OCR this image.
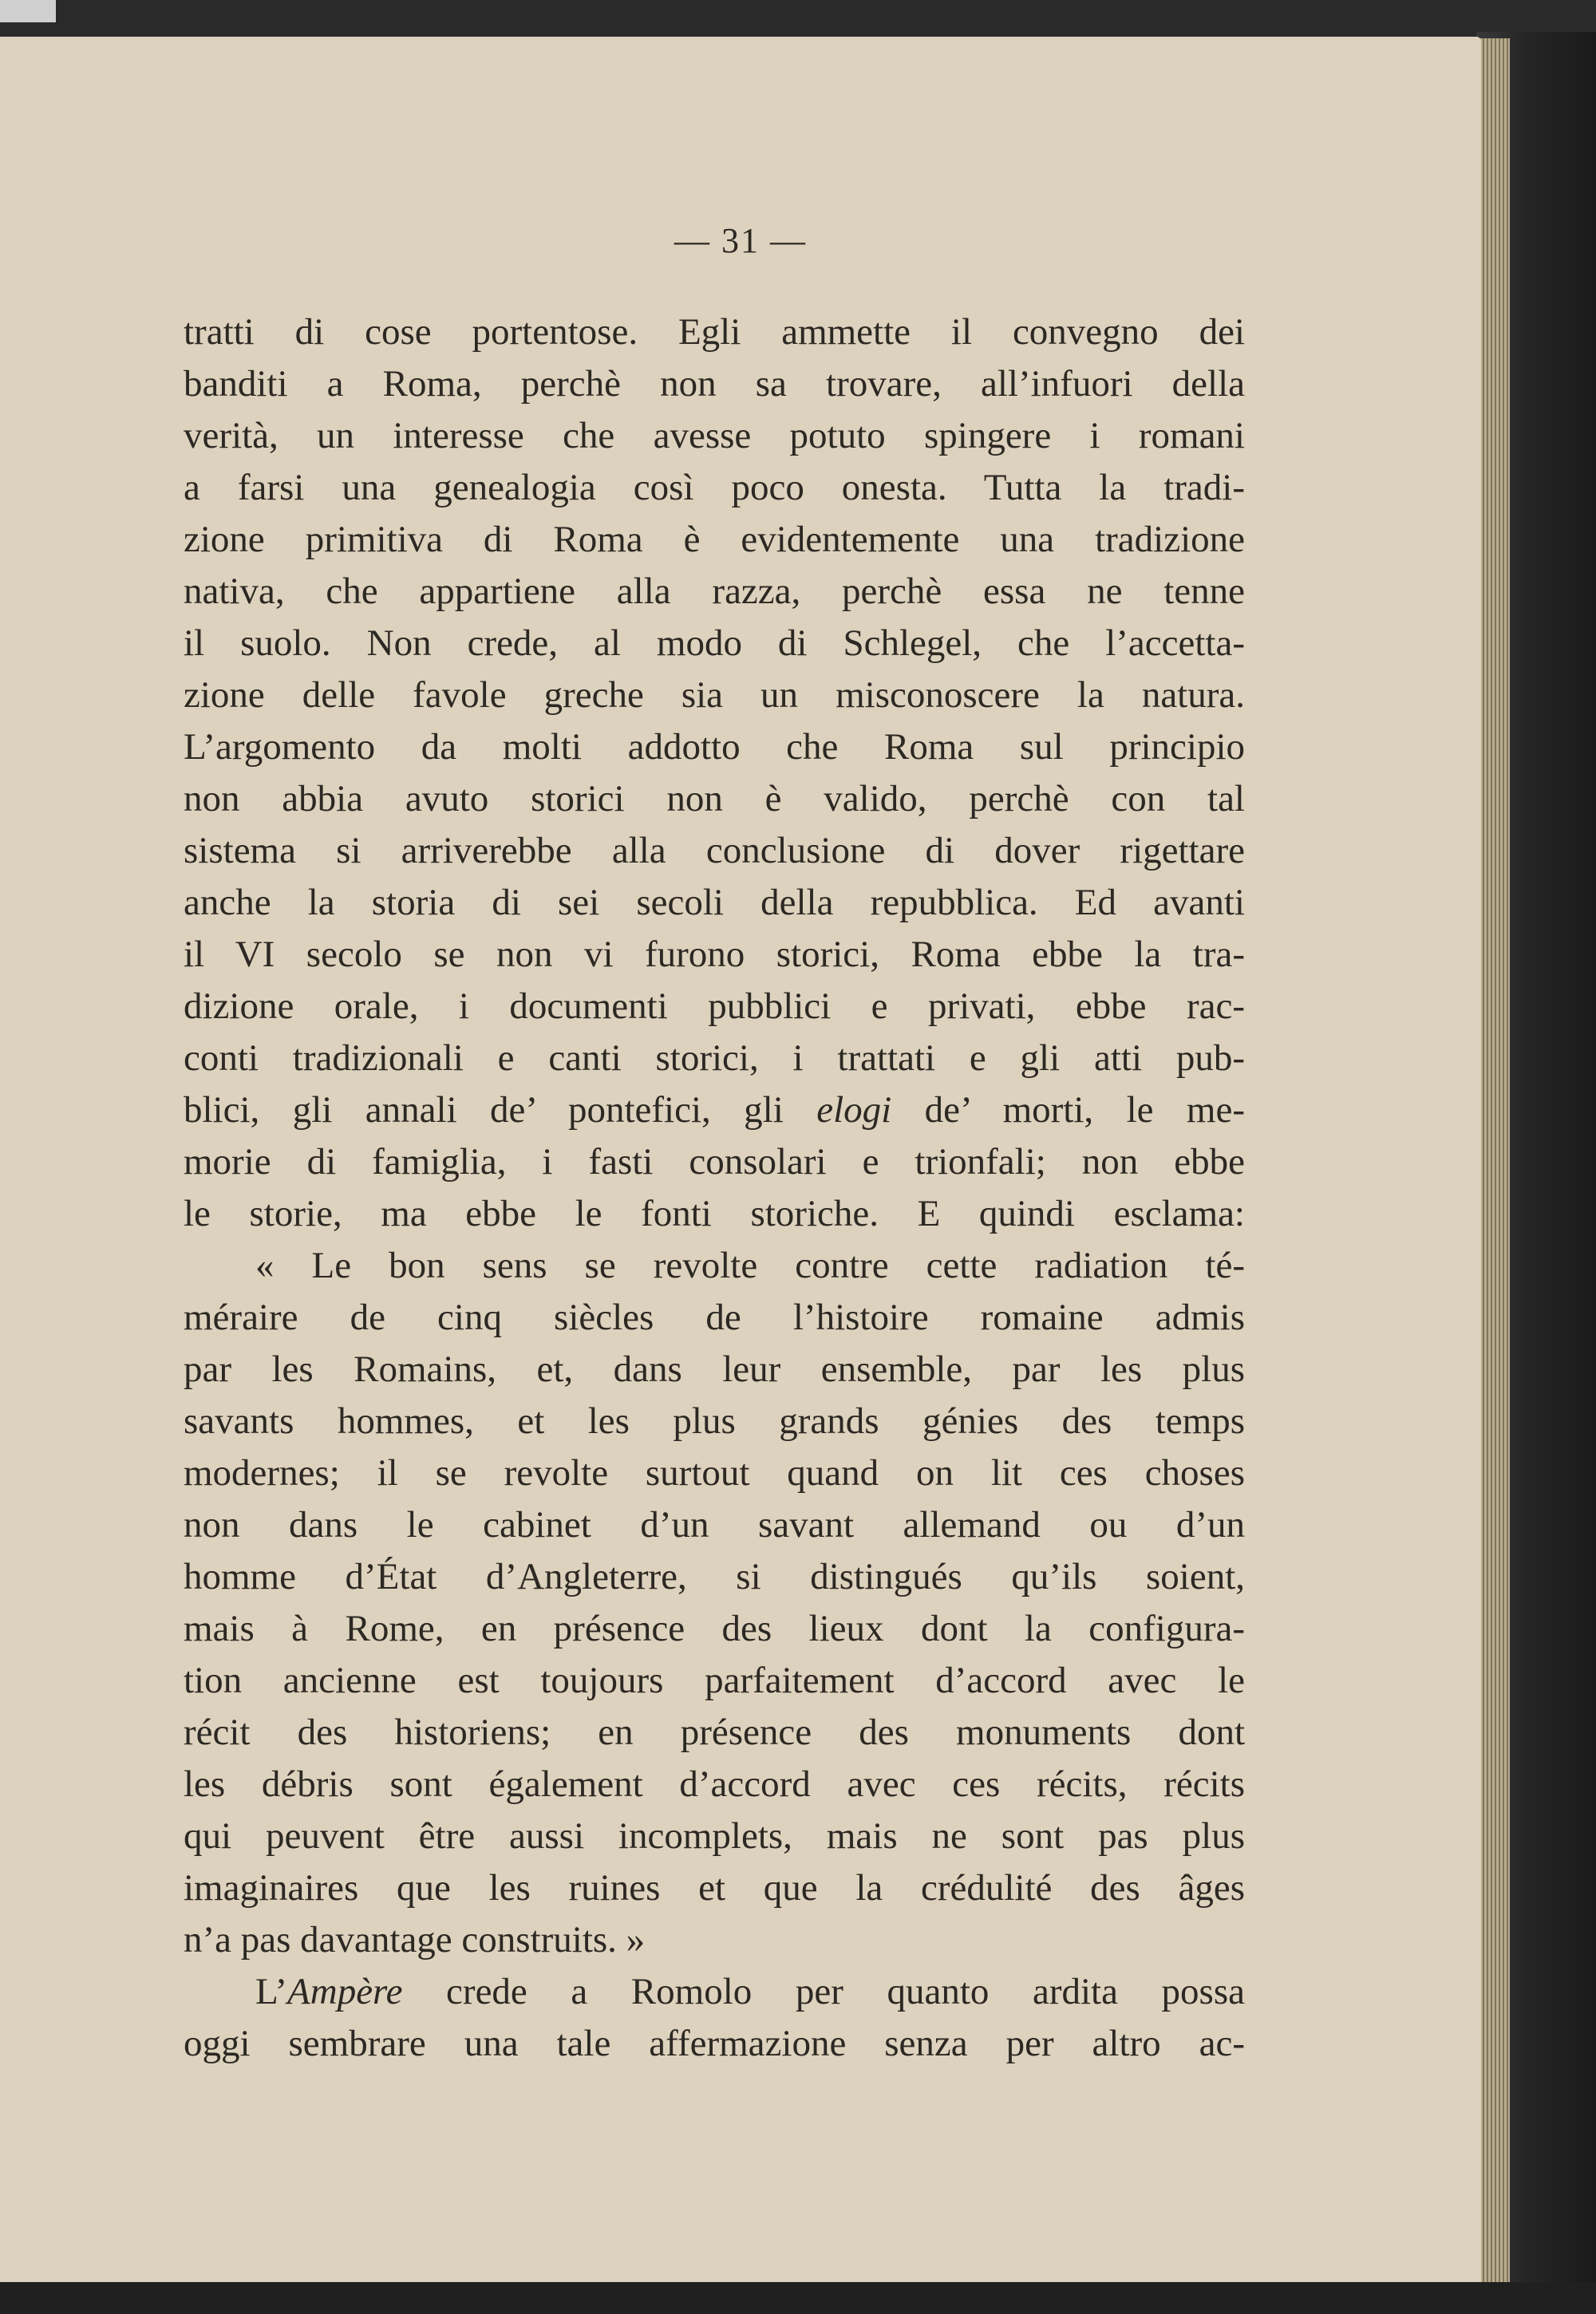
— 31 —
tratti di cose portentose. Egli ammette il convegno dei
banditi a Roma, perchè non sa trovare, all’infuori della
verità, un interesse che avesse potuto spingere i romani
a farsi una genealogia così poco onesta. Tutta la tradi-
zione primitiva di Roma è evidentemente una tradizione
nativa, che appartiene alla razza, perchè essa ne tenne
il suolo. Non crede, al modo di Schlegel, che l’accetta-
zione delle favole greche sia un misconoscere la natura.
L’argomento da molti addotto che Roma sul principio
non abbia avuto storici non è valido, perchè con tal
sistema si arriverebbe alla conclusione di dover rigettare
anche la storia di sei secoli della repubblica. Ed avanti
il VI secolo se non vi furono storici, Roma ebbe la tra-
dizione orale, i documenti pubblici e privati, ebbe rac-
conti tradizionali e canti storici, i trattati e gli atti pub-
blici, gli annali de’ pontefici, gli elogi de’ morti, le me-
morie di famiglia, i fasti consolari e trionfali; non ebbe
le storie, ma ebbe le fonti storiche. E quindi esclama:
« Le bon sens se revolte contre cette radiation té-
méraire de cinq siècles de l’histoire romaine admis
par les Romains, et, dans leur ensemble, par les plus
savants hommes, et les plus grands génies des temps
modernes; il se revolte surtout quand on lit ces choses
non dans le cabinet d’un savant allemand ou d’un
homme d’État d’Angleterre, si distingués qu’ils soient,
mais à Rome, en présence des lieux dont la configura-
tion ancienne est toujours parfaitement d’accord avec le
récit des historiens; en présence des monuments dont
les débris sont également d’accord avec ces récits, récits
qui peuvent être aussi incomplets, mais ne sont pas plus
imaginaires que les ruines et que la crédulité des âges
n’a pas davantage construits. »
L’Ampère crede a Romolo per quanto ardita possa
oggi sembrare una tale affermazione senza per altro ac-
